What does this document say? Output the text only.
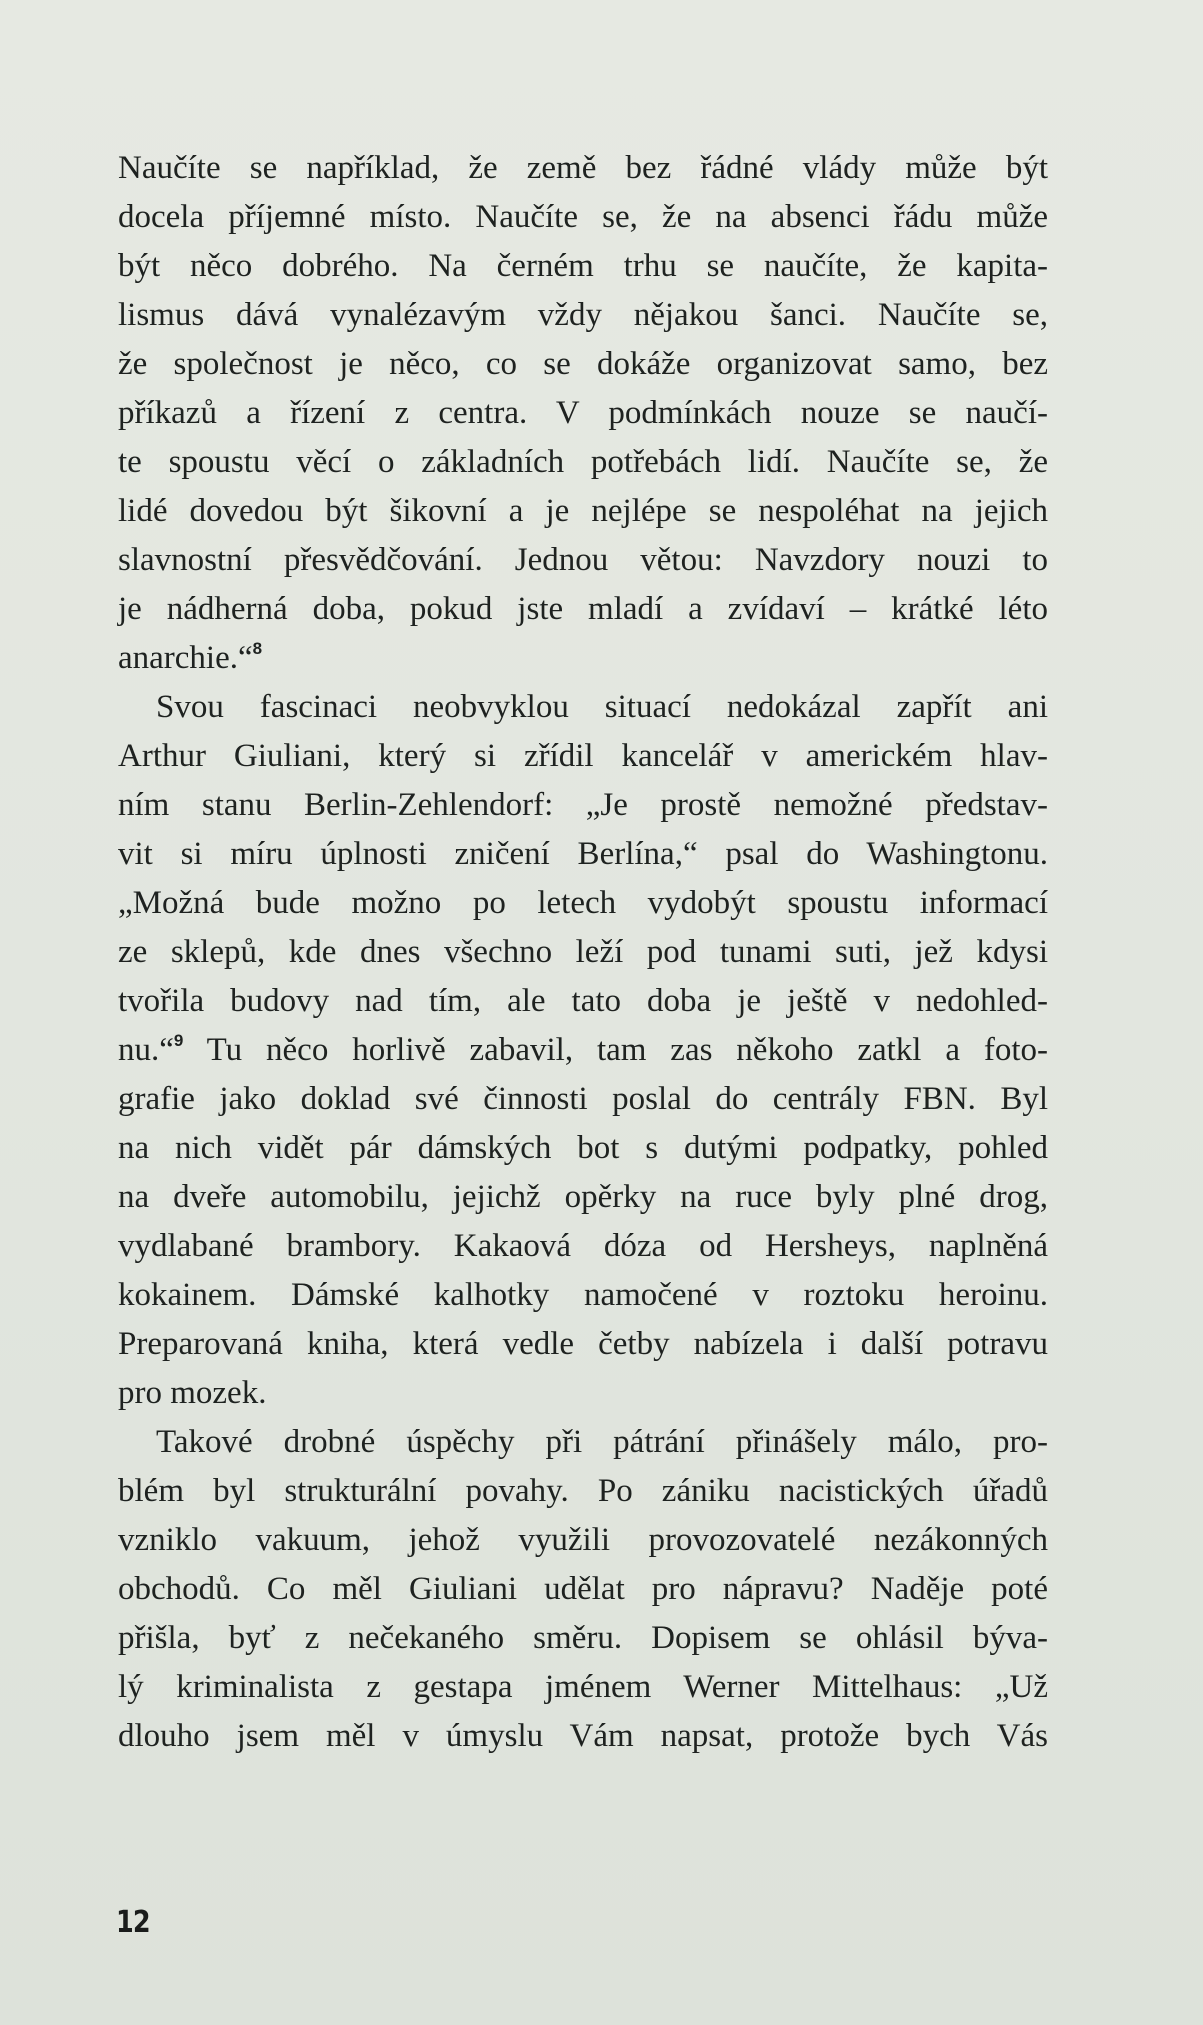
Naučíte se například, že země bez řádné vlády může být
docela příjemné místo. Naučíte se, že na absenci řádu může
být něco dobrého. Na černém trhu se naučíte, že kapita-
lismus dává vynalézavým vždy nějakou šanci. Naučíte se,
že společnost je něco, co se dokáže organizovat samo, bez
příkazů a řízení z centra. V podmínkách nouze se naučí-
te spoustu věcí o základních potřebách lidí. Naučíte se, že
lidé dovedou být šikovní a je nejlépe se nespoléhat na jejich
slavnostní přesvědčování. Jednou větou: Navzdory nouzi to
je nádherná doba, pokud jste mladí a zvídaví – krátké léto
anarchie.“$^8$
Svou fascinaci neobvyklou situací nedokázal zapřít ani
Arthur Giuliani, který si zřídil kancelář v americkém hlav-
ním stanu Berlin-Zehlendorf: „Je prostě nemožné představ-
vit si míru úplnosti zničení Berlína,“ psal do Washingtonu.
„Možná bude možno po letech vydobýt spoustu informací
ze sklepů, kde dnes všechno leží pod tunami suti, jež kdysi
tvořila budovy nad tím, ale tato doba je ještě v nedohled-
nu.“$^9$ Tu něco horlivě zabavil, tam zas někoho zatkl a foto-
grafie jako doklad své činnosti poslal do centrály FBN. Byl
na nich vidět pár dámských bot s dutými podpatky, pohled
na dveře automobilu, jejichž opěrky na ruce byly plné drog,
vydlabané brambory. Kakaová dóza od Hersheys, naplněná
kokainem. Dámské kalhotky namočené v roztoku heroinu.
Preparovaná kniha, která vedle četby nabízela i další potravu
pro mozek.
Takové drobné úspěchy při pátrání přinášely málo, pro-
blém byl strukturální povahy. Po zániku nacistických úřadů
vzniklo vakuum, jehož využili provozovatelé nezákonných
obchodů. Co měl Giuliani udělat pro nápravu? Naděje poté
přišla, byť z nečekaného směru. Dopisem se ohlásil býva-
lý kriminalista z gestapa jménem Werner Mittelhaus: „Už
dlouho jsem měl v úmyslu Vám napsat, protože bych Vás
12
